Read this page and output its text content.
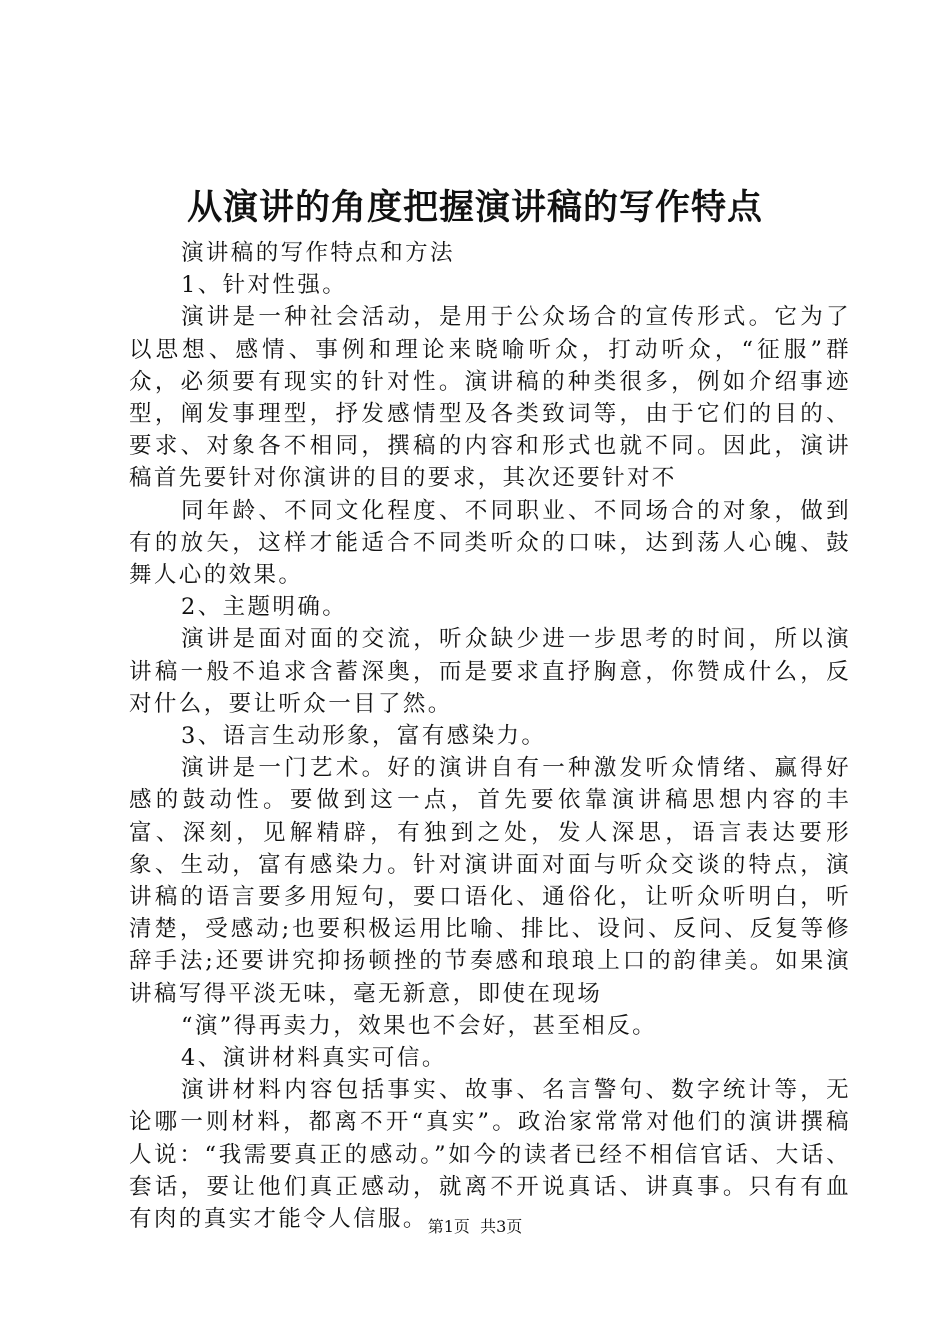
从演讲的角度把握演讲稿的写作特点

演讲稿的写作特点和方法

1、针对性强。

演讲是一种社会活动，是用于公众场合的宣传形式。它为了以思想、感情、事例和理论来晓喻听众，打动听众，“征服”群众，必须要有现实的针对性。演讲稿的种类很多，例如介绍事迹型，阐发事理型，抒发感情型及各类致词等，由于它们的目的、要求、对象各不相同，撰稿的内容和形式也就不同。因此，演讲稿首先要针对你演讲的目的要求，其次还要针对不

同年龄、不同文化程度、不同职业、不同场合的对象，做到有的放矢，这样才能适合不同类听众的口味，达到荡人心魄、鼓舞人心的效果。

2、主题明确。

演讲是面对面的交流，听众缺少进一步思考的时间，所以演讲稿一般不追求含蓄深奥，而是要求直抒胸意，你赞成什么，反对什么，要让听众一目了然。

3、语言生动形象，富有感染力。

演讲是一门艺术。好的演讲自有一种激发听众情绪、赢得好感的鼓动性。要做到这一点，首先要依靠演讲稿思想内容的丰富、深刻，见解精辟，有独到之处，发人深思，语言表达要形象、生动，富有感染力。针对演讲面对面与听众交谈的特点，演讲稿的语言要多用短句，要口语化、通俗化，让听众听明白，听清楚，受感动;也要积极运用比喻、排比、设问、反问、反复等修辞手法;还要讲究抑扬顿挫的节奏感和琅琅上口的韵律美。如果演讲稿写得平淡无味，毫无新意，即使在现场

“演”得再卖力，效果也不会好，甚至相反。

4、演讲材料真实可信。

演讲材料内容包括事实、故事、名言警句、数字统计等，无论哪一则材料，都离不开“真实”。政治家常常对他们的演讲撰稿人说：“我需要真正的感动。”如今的读者已经不相信官话、大话、套话，要让他们真正感动，就离不开说真话、讲真事。只有有血有肉的真实才能令人信服。 第1页  共3页
